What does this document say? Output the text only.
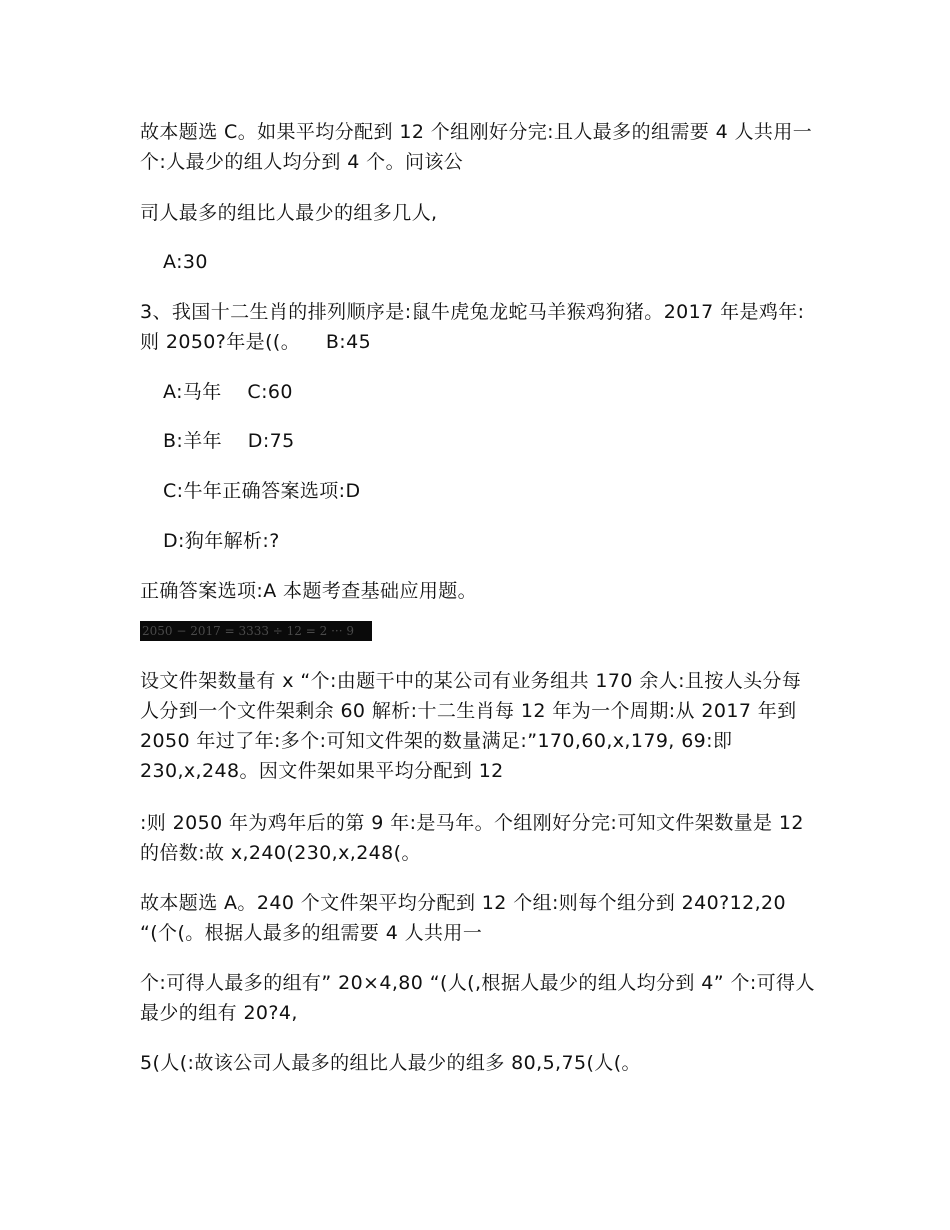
故本题选 C。如果平均分配到 12 个组刚好分完:且人最多的组需要 4 人共用一个:人最少的组人均分到 4 个。问该公

司人最多的组比人最少的组多几人,

A:30

3、我国十二生肖的排列顺序是:鼠牛虎兔龙蛇马羊猴鸡狗猪。2017 年是鸡年:则 2050?年是((。    B:45

A:马年    C:60

B:羊年    D:75

C:牛年正确答案选项:D

D:狗年解析:?

正确答案选项:A 本题考查基础应用题。

2050 − 2017 = 3333 ÷ 12 = 2 ··· 9

设文件架数量有 x “个:由题干中的某公司有业务组共 170 余人:且按人头分每人分到一个文件架剩余 60 解析:十二生肖每 12 年为一个周期:从 2017 年到 2050 年过了年:多个:可知文件架的数量满足:”170,60,x,179, 69:即 230,x,248。因文件架如果平均分配到 12

:则 2050 年为鸡年后的第 9 年:是马年。个组刚好分完:可知文件架数量是 12 的倍数:故 x,240(230,x,248(。

故本题选 A。240 个文件架平均分配到 12 个组:则每个组分到 240?12,20 “(个(。根据人最多的组需要 4 人共用一

个:可得人最多的组有” 20×4,80 “(人(,根据人最少的组人均分到 4” 个:可得人最少的组有 20?4,

5(人(:故该公司人最多的组比人最少的组多 80,5,75(人(。
